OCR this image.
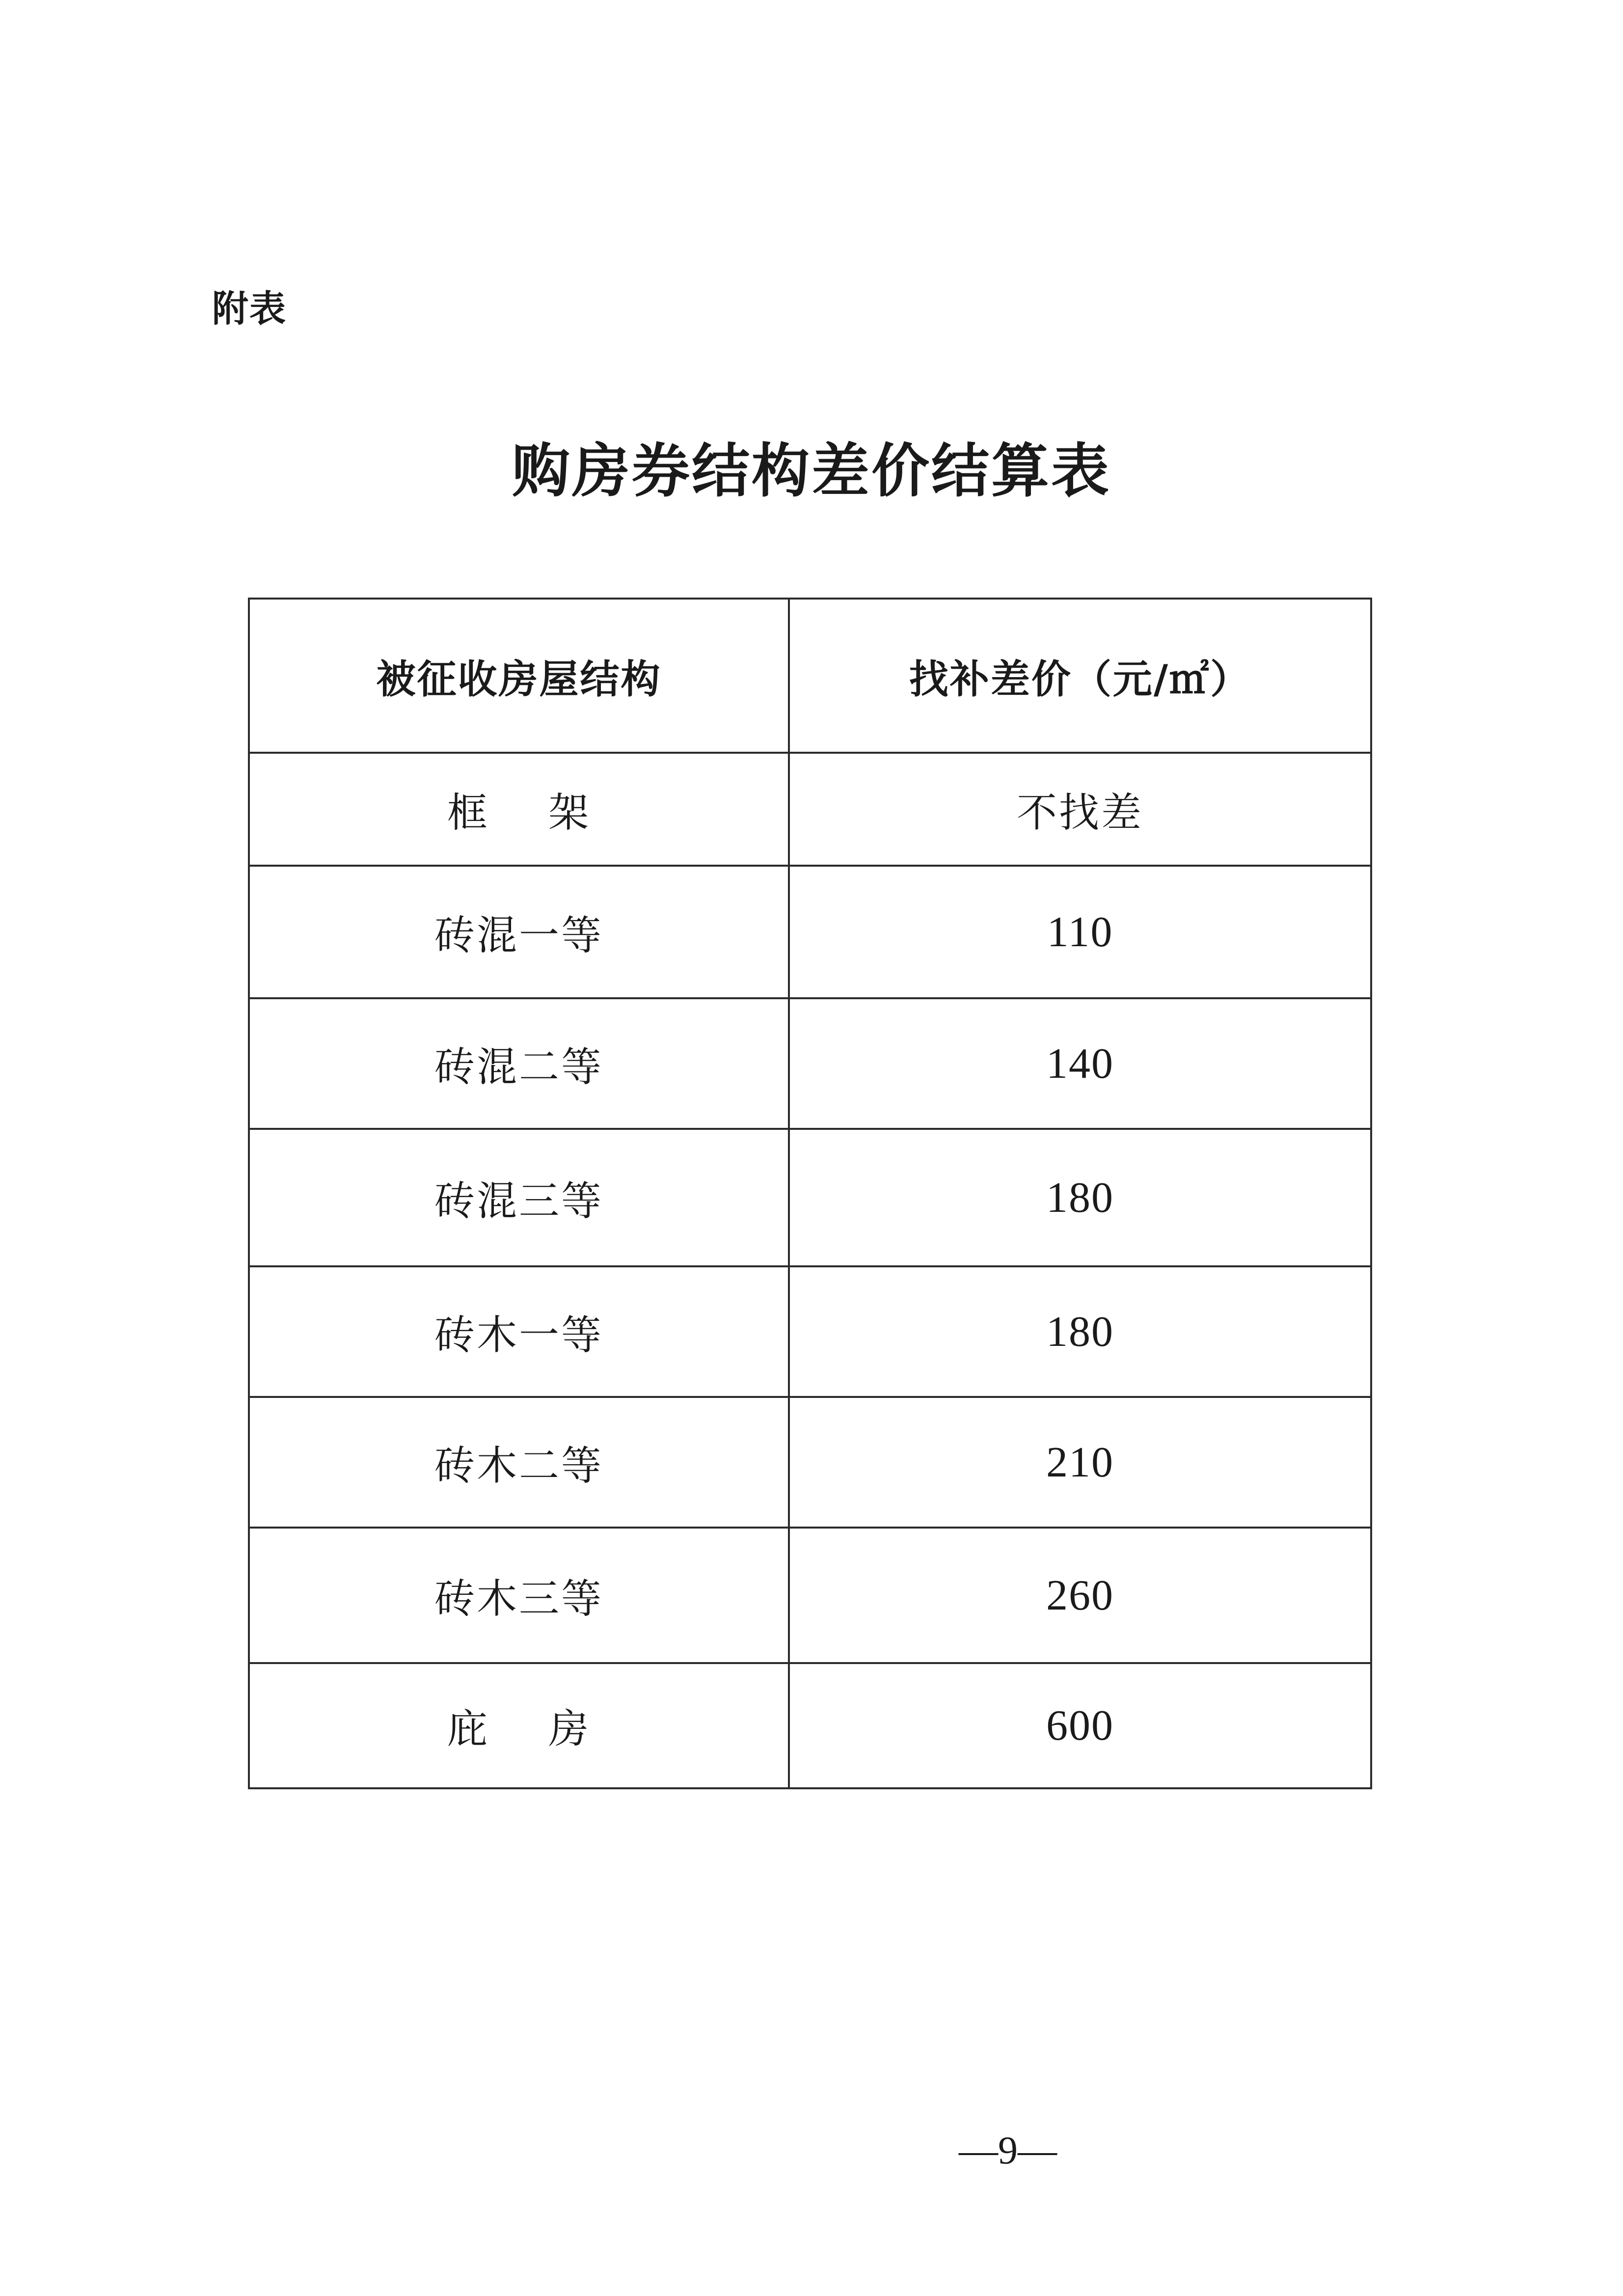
附表
购房券结构差价结算表
被征收房屋结构	找补差价（元/㎡）
框    架	不找差
砖混一等	110
砖混二等	140
砖混三等	180
砖木一等	180
砖木二等	210
砖木三等	260
庇    房	600
—9—
